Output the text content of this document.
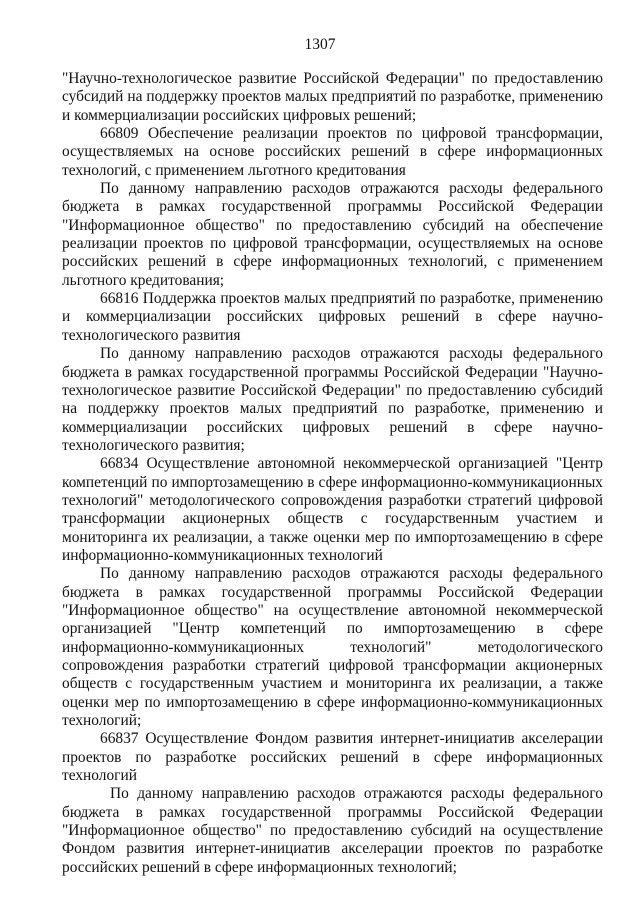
1307

"Научно-технологическое развитие Российской Федерации" по предоставлению субсидий на поддержку проектов малых предприятий по разработке, применению и коммерциализации российских цифровых решений;

66809 Обеспечение реализации проектов по цифровой трансформации, осуществляемых на основе российских решений в сфере информационных технологий, с применением льготного кредитования

По данному направлению расходов отражаются расходы федерального бюджета в рамках государственной программы Российской Федерации "Информационное общество" по предоставлению субсидий на обеспечение реализации проектов по цифровой трансформации, осуществляемых на основе российских решений в сфере информационных технологий, с применением льготного кредитования;

66816 Поддержка проектов малых предприятий по разработке, применению и коммерциализации российских цифровых решений в сфере научно-технологического развития

По данному направлению расходов отражаются расходы федерального бюджета в рамках государственной программы Российской Федерации "Научно-технологическое развитие Российской Федерации" по предоставлению субсидий на поддержку проектов малых предприятий по разработке, применению и коммерциализации российских цифровых решений в сфере научно-технологического развития;

66834 Осуществление автономной некоммерческой организацией "Центр компетенций по импортозамещению в сфере информационно-коммуникационных технологий" методологического сопровождения разработки стратегий цифровой трансформации акционерных обществ с государственным участием и мониторинга их реализации, а также оценки мер по импортозамещению в сфере информационно-коммуникационных технологий

По данному направлению расходов отражаются расходы федерального бюджета в рамках государственной программы Российской Федерации "Информационное общество" на осуществление автономной некоммерческой организацией "Центр компетенций по импортозамещению в сфере информационно-коммуникационных технологий" методологического сопровождения разработки стратегий цифровой трансформации акционерных обществ с государственным участием и мониторинга их реализации, а также оценки мер по импортозамещению в сфере информационно-коммуникационных технологий;

66837 Осуществление Фондом развития интернет-инициатив акселерации проектов по разработке российских решений в сфере информационных технологий

По данному направлению расходов отражаются расходы федерального бюджета в рамках государственной программы Российской Федерации "Информационное общество" по предоставлению субсидий на осуществление Фондом развития интернет-инициатив акселерации проектов по разработке российских решений в сфере информационных технологий;
